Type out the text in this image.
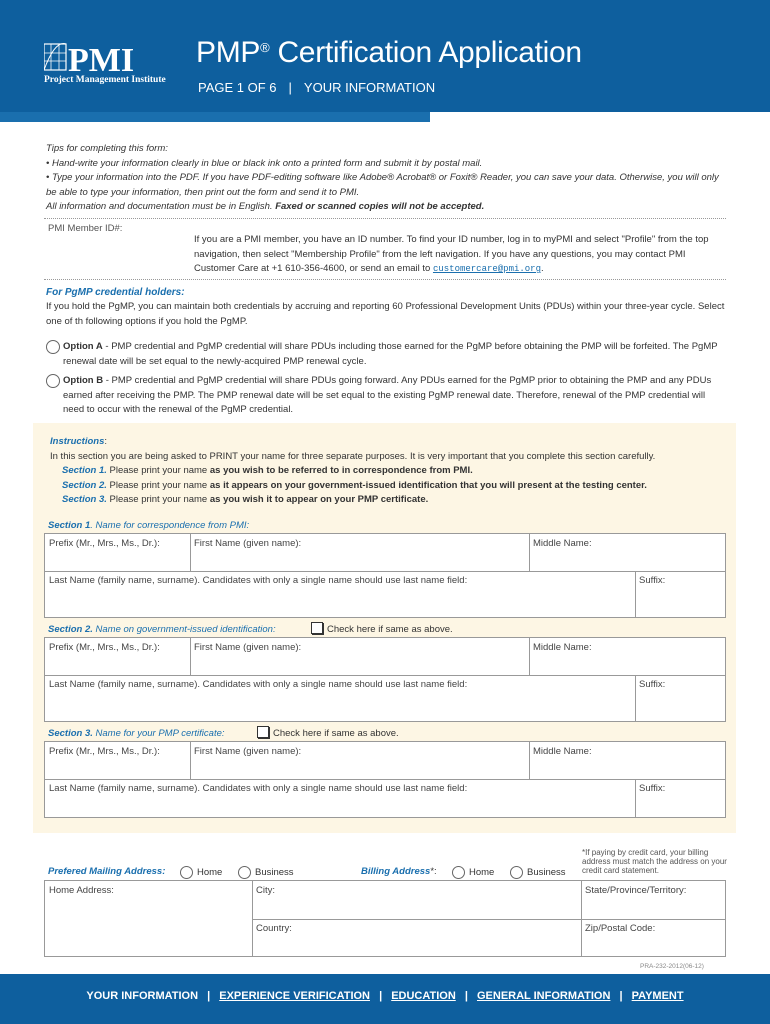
PMI
Project Management Institute
PMP® Certification Application
PAGE 1 OF 6 | YOUR INFORMATION
Tips for completing this form:
• Hand-write your information clearly in blue or black ink onto a printed form and submit it by postal mail.
• Type your information into the PDF. If you have PDF-editing software like Adobe® Acrobat® or Foxit® Reader, you can save your data. Otherwise, you will only be able to type your information, then print out the form and send it to PMI.
All information and documentation must be in English. Faxed or scanned copies will not be accepted.
PMI Member ID#:
If you are a PMI member, you have an ID number. To find your ID number, log in to myPMI and select "Profile" from the top navigation, then select "Membership Profile" from the left navigation. If you have any questions, you may contact PMI Customer Care at +1 610-356-4600, or send an email to customercare@pmi.org.
For PgMP credential holders:
If you hold the PgMP, you can maintain both credentials by accruing and reporting 60 Professional Development Units (PDUs) within your three-year cycle. Select one of th following options if you hold the PgMP.
Option A - PMP credential and PgMP credential will share PDUs including those earned for the PgMP before obtaining the PMP will be forfeited. The PgMP renewal date will be set equal to the newly-acquired PMP renewal cycle.
Option B - PMP credential and PgMP credential will share PDUs going forward. Any PDUs earned for the PgMP prior to obtaining the PMP and any PDUs earned after receiving the PMP. The PMP renewal date will be set equal to the existing PgMP renewal date. Therefore, renewal of the PMP credential will need to occur with the renewal of the PgMP credential.
Instructions:
In this section you are being asked to PRINT your name for three separate purposes. It is very important that you complete this section carefully.
Section 1. Please print your name as you wish to be referred to in correspondence from PMI.
Section 2. Please print your name as it appears on your government-issued identification that you will present at the testing center.
Section 3. Please print your name as you wish it to appear on your PMP certificate.
Section 1. Name for correspondence from PMI:
Prefix (Mr., Mrs., Ms., Dr.):	First Name (given name):	Middle Name:
Last Name (family name, surname). Candidates with only a single name should use last name field:	Suffix:
Section 2. Name on government-issued identification:	Check here if same as above.
Prefix (Mr., Mrs., Ms., Dr.):	First Name (given name):	Middle Name:
Last Name (family name, surname). Candidates with only a single name should use last name field:	Suffix:
Section 3. Name for your PMP certificate:	Check here if same as above.
Prefix (Mr., Mrs., Ms., Dr.):	First Name (given name):	Middle Name:
Last Name (family name, surname). Candidates with only a single name should use last name field:	Suffix:
*If paying by credit card, your billing address must match the address on your credit card statement.
Prefered Mailing Address:	Home	Business	Billing Address*:	Home	Business
Home Address:	City:	State/Province/Territory:
Country:	Zip/Postal Code:
PRA-232-2012(06-12)
YOUR INFORMATION | EXPERIENCE VERIFICATION | EDUCATION | GENERAL INFORMATION | PAYMENT
